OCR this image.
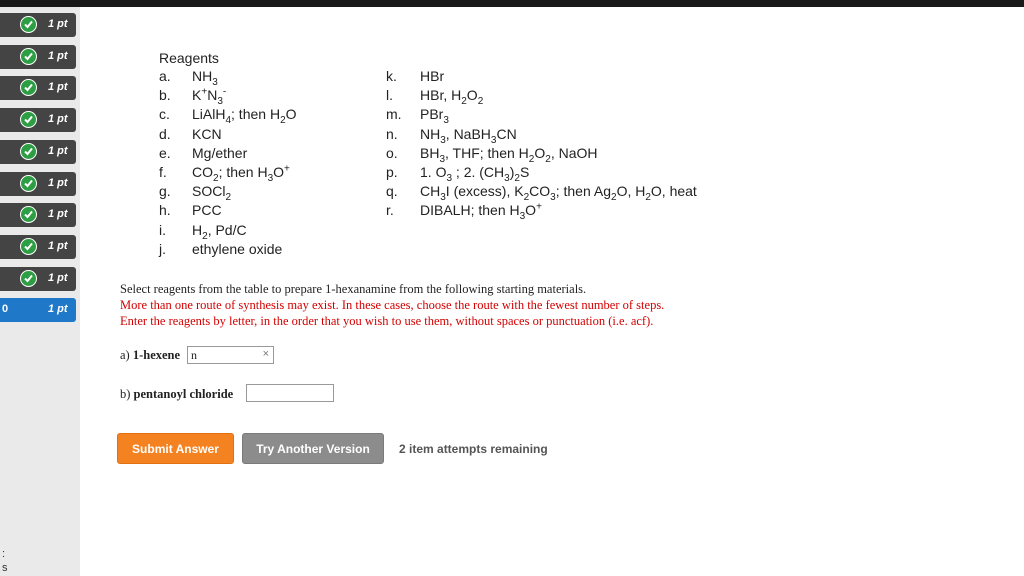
1 pt
1 pt
1 pt
1 pt
1 pt
1 pt
1 pt
1 pt
1 pt
0	1 pt
:
s
Reagents
a. $NH_3$
b. $K^+N_3^-$
c. LiAlH$_4$; then $H_2O$
d. KCN
e. Mg/ether
f. $CO_2$; then $H_3O^+$
g. SOCl$_2$
h. PCC
i. $H_2$, Pd/C
j. ethylene oxide
k. HBr
l. HBr, $H_2O_2$
m. PBr$_3$
n. $NH_3$, NaBH$_3$CN
o. $BH_3$, THF; then $H_2O_2$, NaOH
p. 1. $O_3$ ; 2. $(CH_3)_2S$
q. $CH_3I$ (excess), $K_2CO_3$; then $Ag_2O$, $H_2O$, heat
r. DIBALH; then $H_3O^+$
Select reagents from the table to prepare 1-hexanamine from the following starting materials.
More than one route of synthesis may exist. In these cases, choose the route with the fewest number of steps.
Enter the reagents by letter, in the order that you wish to use them, without spaces or punctuation (i.e. acf).
a) 1-hexene n	×
b) pentanoyl chloride
Submit Answer	Try Another Version	2 item attempts remaining
